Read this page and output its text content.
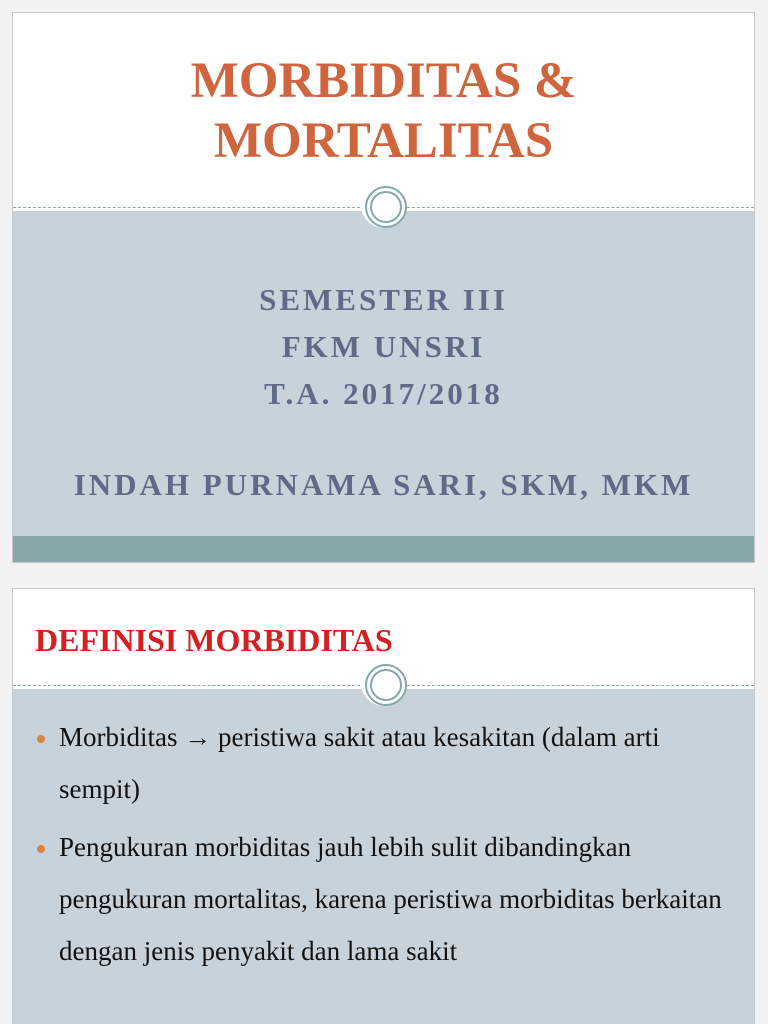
MORBIDITAS &
MORTALITAS
SEMESTER III
FKM UNSRI
T.A. 2017/2018
INDAH PURNAMA SARI, SKM, MKM
DEFINISI MORBIDITAS
Morbiditas → peristiwa sakit atau kesakitan (dalam arti sempit)
Pengukuran morbiditas jauh lebih sulit dibandingkan pengukuran mortalitas, karena peristiwa morbiditas berkaitan dengan jenis penyakit dan lama sakit
